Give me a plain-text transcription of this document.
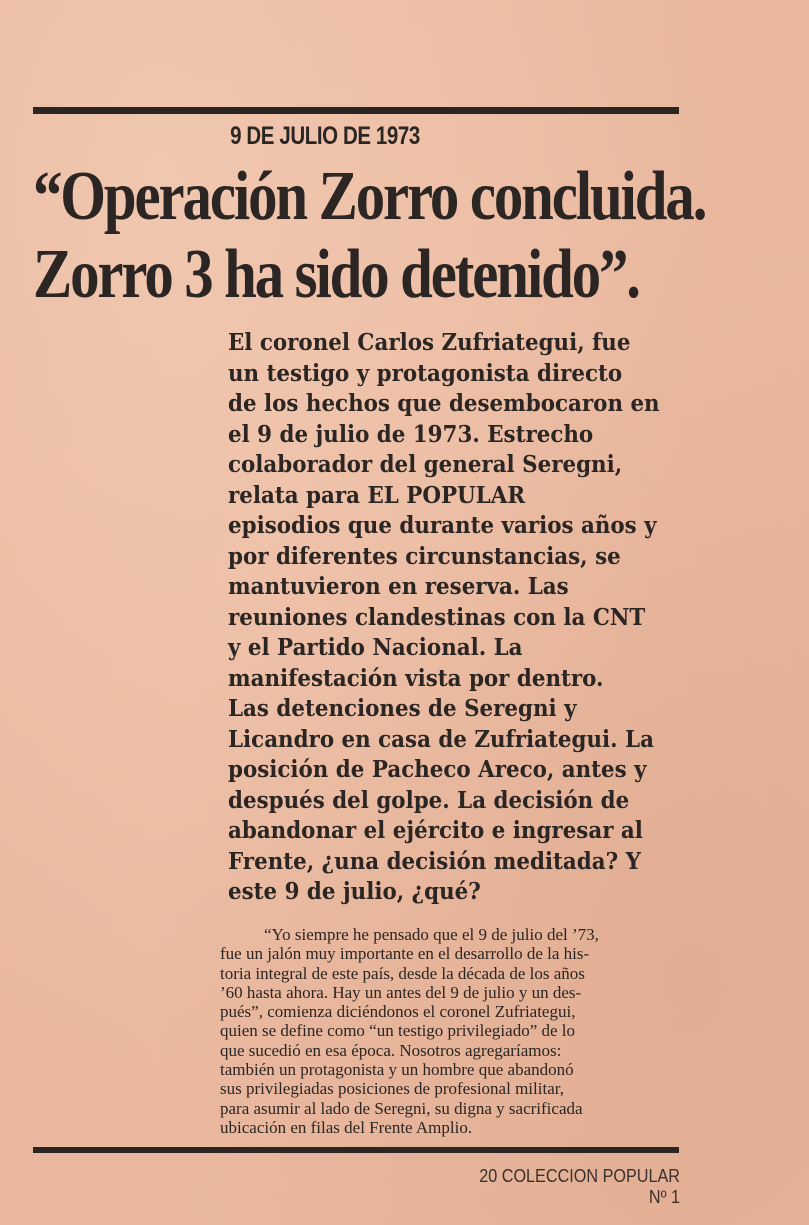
9 DE JULIO DE 1973
“Operación Zorro concluida.
Zorro 3 ha sido detenido”.
El coronel Carlos Zufriategui, fue
un testigo y protagonista directo
de los hechos que desembocaron en
el 9 de julio de 1973. Estrecho
colaborador del general Seregni,
relata para EL POPULAR
episodios que durante varios años y
por diferentes circunstancias, se
mantuvieron en reserva. Las
reuniones clandestinas con la CNT
y el Partido Nacional. La
manifestación vista por dentro.
Las detenciones de Seregni y
Licandro en casa de Zufriategui. La
posición de Pacheco Areco, antes y
después del golpe. La decisión de
abandonar el ejército e ingresar al
Frente, ¿una decisión meditada? Y
este 9 de julio, ¿qué?
“Yo siempre he pensado que el 9 de julio del ’73,
fue un jalón muy importante en el desarrollo de la his-
toria integral de este país, desde la década de los años
’60 hasta ahora. Hay un antes del 9 de julio y un des-
pués”, comienza diciéndonos el coronel Zufriategui,
quien se define como “un testigo privilegiado” de lo
que sucedió en esa época. Nosotros agregaríamos:
también un protagonista y un hombre que abandonó
sus privilegiadas posiciones de profesional militar,
para asumir al lado de Seregni, su digna y sacrificada
ubicación en filas del Frente Amplio.
20 COLECCION POPULAR Nº 1
